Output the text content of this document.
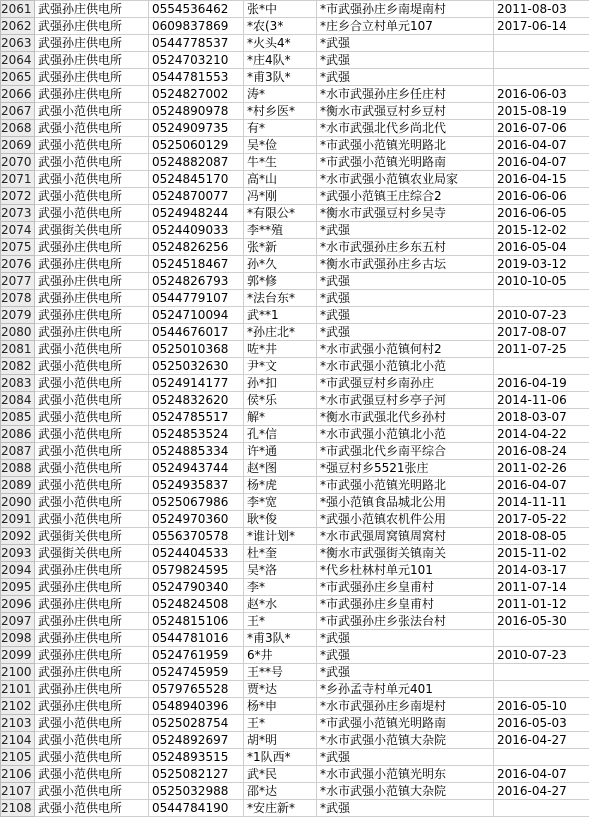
2061	武强孙庄供电所	0554536462	张*中	*市武强孙庄乡南堤南村	2011-08-03
2062	武强孙庄供电所	0609837869	*农(3*	*庄乡合立村单元107	2017-06-14
2063	武强孙庄供电所	0544778537	*火头4*	*武强	
2064	武强孙庄供电所	0524703210	*庄4队*	*武强	
2065	武强孙庄供电所	0544781553	*甫3队*	*武强	
2066	武强孙庄供电所	0524827002	涛*	*水市武强孙庄乡任庄村	2016-06-03
2067	武强小范供电所	0524890978	*村乡医*	*衡水市武强豆村乡豆村	2015-08-19
2068	武强小范供电所	0524909735	有*	*水市武强北代乡尚北代	2016-07-06
2069	武强小范供电所	0525060129	吴*俭	*市武强小范镇光明路北	2016-04-07
2070	武强小范供电所	0524882087	牛*生	*市武强小范镇光明路南	2016-04-07
2071	武强小范供电所	0524845170	高*山	*水市武强小范镇农业局家	2016-04-15
2072	武强小范供电所	0524870077	冯*刚	*武强小范镇王庄综合2	2016-06-06
2073	武强小范供电所	0524948244	*有限公*	*衡水市武强豆村乡吴寺	2016-06-05
2074	武强街关供电所	0524409033	李**殖	*武强	2015-12-02
2075	武强孙庄供电所	0524826256	张*新	*水市武强孙庄乡东五村	2016-05-04
2076	武强孙庄供电所	0524518467	孙*久	*衡水市武强孙庄乡古坛	2019-03-12
2077	武强孙庄供电所	0524826793	郭*修	*武强	2010-10-05
2078	武强孙庄供电所	0544779107	*法台东*	*武强	
2079	武强孙庄供电所	0524710094	武**1	*武强	2010-07-23
2080	武强孙庄供电所	0544676017	*孙庄北*	*武强	2017-08-07
2081	武强小范供电所	0525010368	咗*井	*水市武强小范镇何村2	2011-07-25
2082	武强小范供电所	0525032630	尹*文	*水市武强小范镇北小范	
2083	武强小范供电所	0524914177	孙*扣	*市武强豆村乡南孙庄	2016-04-19
2084	武强小范供电所	0524832620	侯*乐	*水市武强豆村乡亭子河	2014-11-06
2085	武强小范供电所	0524785517	解*	*衡水市武强北代乡孙村	2018-03-07
2086	武强小范供电所	0524853524	孔*信	*水市武强小范镇北小范	2014-04-22
2087	武强小范供电所	0524885334	许*通	*市武强北代乡南平综合	2016-08-24
2088	武强小范供电所	0524943744	赵*图	*强豆村乡5521张庄	2011-02-26
2089	武强小范供电所	0524935837	杨*虎	*市武强小范镇光明路北	2016-04-07
2090	武强小范供电所	0525067986	李*宽	*强小范镇食品城北公用	2014-11-11
2091	武强小范供电所	0524970360	耿*俊	*武强小范镇农机件公用	2017-05-22
2092	武强街关供电所	0556370578	*谁计划*	*水市武强周窝镇周窝村	2018-08-05
2093	武强街关供电所	0524404533	杜*奎	*衡水市武强街关镇南关	2015-11-02
2094	武强孙庄供电所	0579824595	吴*洛	*代乡杜林村单元101	2014-03-17
2095	武强孙庄供电所	0524790340	李*	*市武强孙庄乡皇甫村	2011-07-14
2096	武强孙庄供电所	0524824508	赵*水	*市武强孙庄乡皇甫村	2011-01-12
2097	武强孙庄供电所	0524815106	王*	*市武强孙庄乡张法台村	2016-05-30
2098	武强孙庄供电所	0544781016	*甫3队*	*武强	
2099	武强孙庄供电所	0524761959	6*井	*武强	2010-07-23
2100	武强孙庄供电所	0524745959	王**号	*武强	
2101	武强孙庄供电所	0579765528	贾*达	*乡孙孟寺村单元401	
2102	武强孙庄供电所	0548940396	杨*申	*水市武强孙庄乡南堤村	2016-05-10
2103	武强小范供电所	0525028754	王*	*市武强小范镇光明路南	2016-05-03
2104	武强小范供电所	0524892697	胡*明	*水市武强小范镇大杂院	2016-04-27
2105	武强小范供电所	0524893515	*1队西*	*武强	
2106	武强小范供电所	0525082127	武*民	*水市武强小范镇光明东	2016-04-07
2107	武强小范供电所	0525032988	邵*达	*水市武强小范镇大杂院	2016-04-27
2108	武强小范供电所	0544784190	*安庄新*	*武强	
